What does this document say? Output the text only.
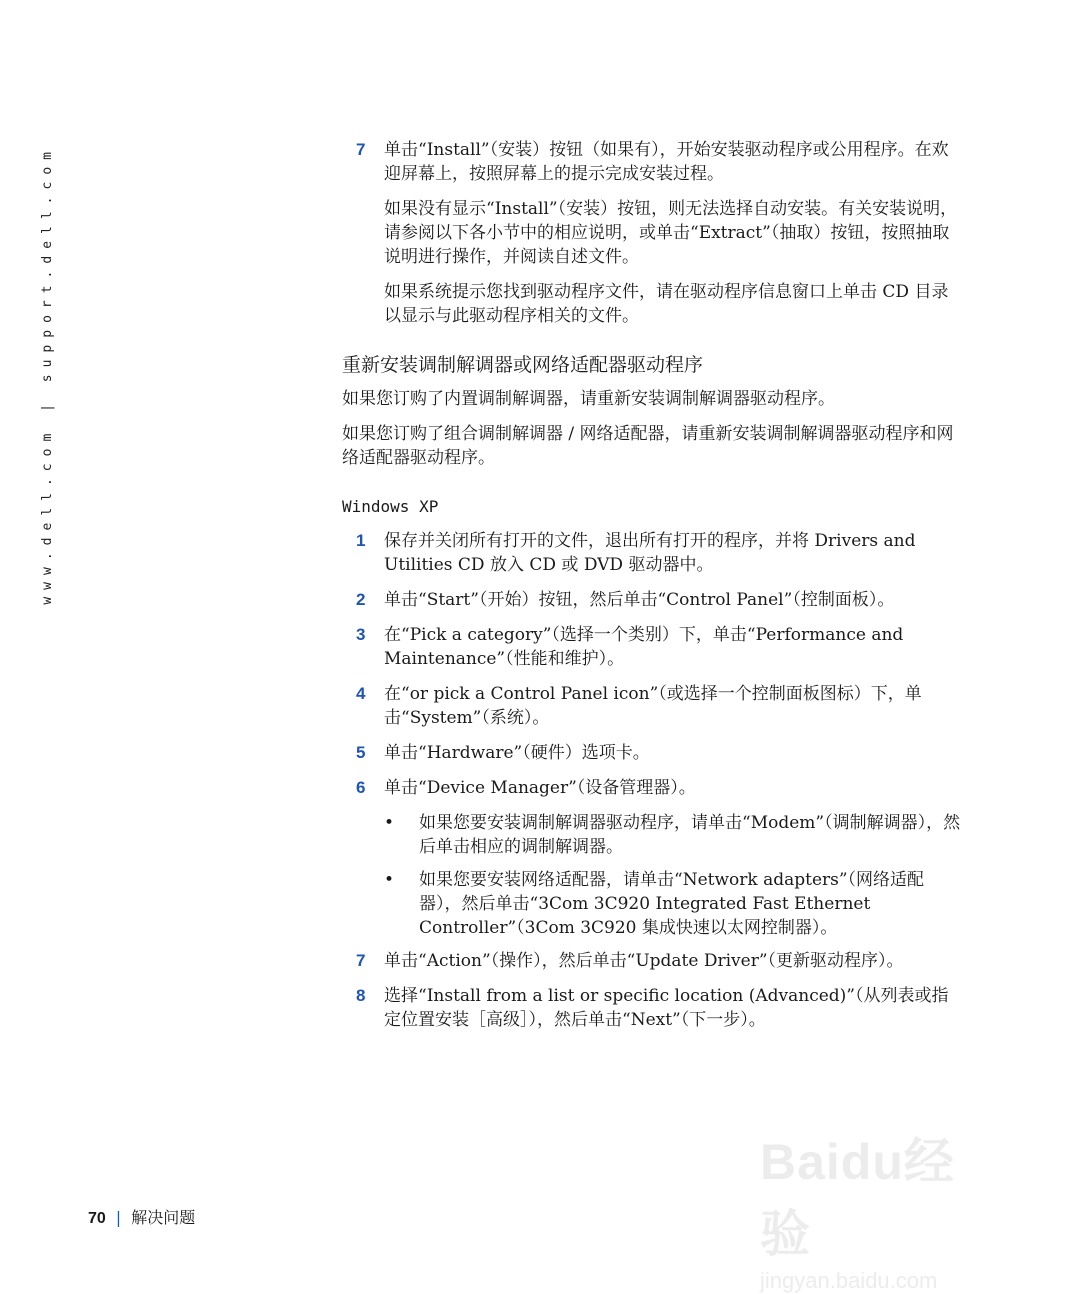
www.dell.com | support.dell.com	7 单击“Install”（安装）按钮（如果有），开始安装驱动程序或公用程序。在欢迎屏幕上，按照屏幕上的提示完成安装过程。

如果没有显示“Install”（安装）按钮，则无法选择自动安装。有关安装说明，请参阅以下各小节中的相应说明，或单击“Extract”（抽取）按钮，按照抽取说明进行操作，并阅读自述文件。

如果系统提示您找到驱动程序文件，请在驱动程序信息窗口上单击 CD 目录以显示与此驱动程序相关的文件。

重新安装调制解调器或网络适配器驱动程序

如果您订购了内置调制解调器，请重新安装调制解调器驱动程序。

如果您订购了组合调制解调器 / 网络适配器，请重新安装调制解调器驱动程序和网络适配器驱动程序。

Windows XP
1 保存并关闭所有打开的文件，退出所有打开的程序，并将 Drivers and Utilities CD 放入 CD 或 DVD 驱动器中。

2 单击“Start”（开始）按钮，然后单击“Control Panel”（控制面板）。

3 在“Pick a category”（选择一个类别）下，单击“Performance and Maintenance”（性能和维护）。

4 在“or pick a Control Panel icon”（或选择一个控制面板图标）下，单击“System”（系统）。

5 单击“Hardware”（硬件）选项卡。

6 单击“Device Manager”（设备管理器）。

• 如果您要安装调制解调器驱动程序，请单击“Modem”（调制解调器），然后单击相应的调制解调器。

• 如果您要安装网络适配器，请单击“Network adapters”（网络适配器），然后单击“3Com 3C920 Integrated Fast Ethernet Controller”（3Com 3C920 集成快速以太网控制器）。

7 单击“Action”（操作），然后单击“Update Driver”（更新驱动程序）。

8 选择“Install from a list or specific location (Advanced)”（从列表或指定位置安装［高级］），然后单击“Next”（下一步）。

70 | 解决问题
Baidu经验
jingyan.baidu.com
